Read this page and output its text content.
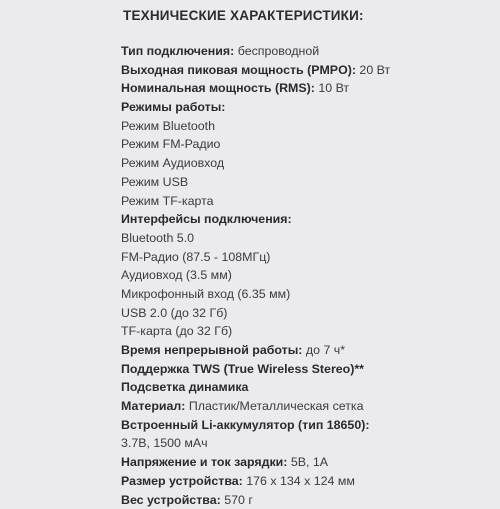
ТЕХНИЧЕСКИЕ ХАРАКТЕРИСТИКИ:
Тип подключения: беспроводной
Выходная пиковая мощность (PMPO): 20 Вт
Номинальная мощность (RMS): 10 Вт
Режимы работы:
Режим Bluetooth
Режим FM-Радио
Режим Аудиовход
Режим USB
Режим TF-карта
Интерфейсы подключения:
Bluetooth 5.0
FM-Радио (87.5 - 108МГц)
Аудиовход (3.5 мм)
Микрофонный вход (6.35 мм)
USB 2.0 (до 32 Гб)
TF-карта (до 32 Гб)
Время непрерывной работы: до 7 ч*
Поддержка TWS (True Wireless Stereo)**
Подсветка динамика
Материал: Пластик/Металлическая сетка
Встроенный Li-аккумулятор (тип 18650):
3.7В, 1500 мАч
Напряжение и ток зарядки: 5В, 1А
Размер устройства: 176 x 134 x 124 мм
Вес устройства: 570 г
